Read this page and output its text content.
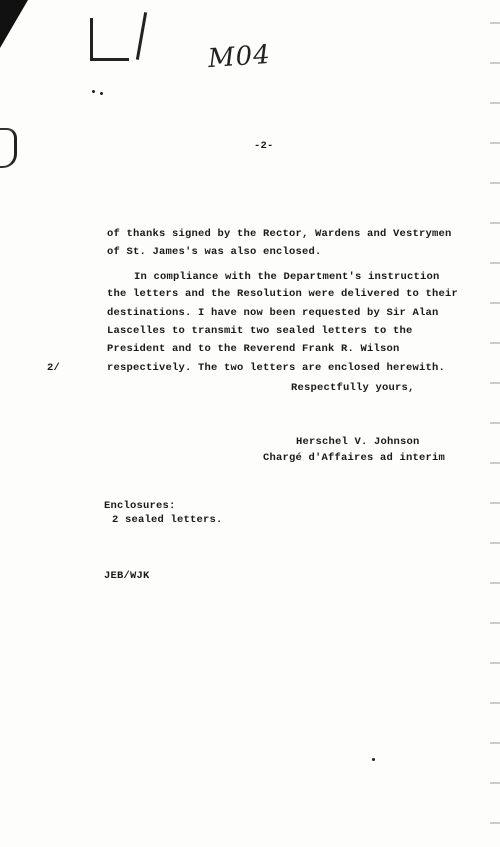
M04
-2-
of thanks signed by the Rector, Wardens and Vestrymen
of St. James's was also enclosed.
In compliance with the Department's instruction
the letters and the Resolution were delivered to their
destinations. I have now been requested by Sir Alan
Lascelles to transmit two sealed letters to the
President and to the Reverend Frank R. Wilson
respectively. The two letters are enclosed herewith.
2/
Respectfully yours,
Herschel V. Johnson
Chargé d'Affaires ad interim
Enclosures:
2 sealed letters.
JEB/WJK
